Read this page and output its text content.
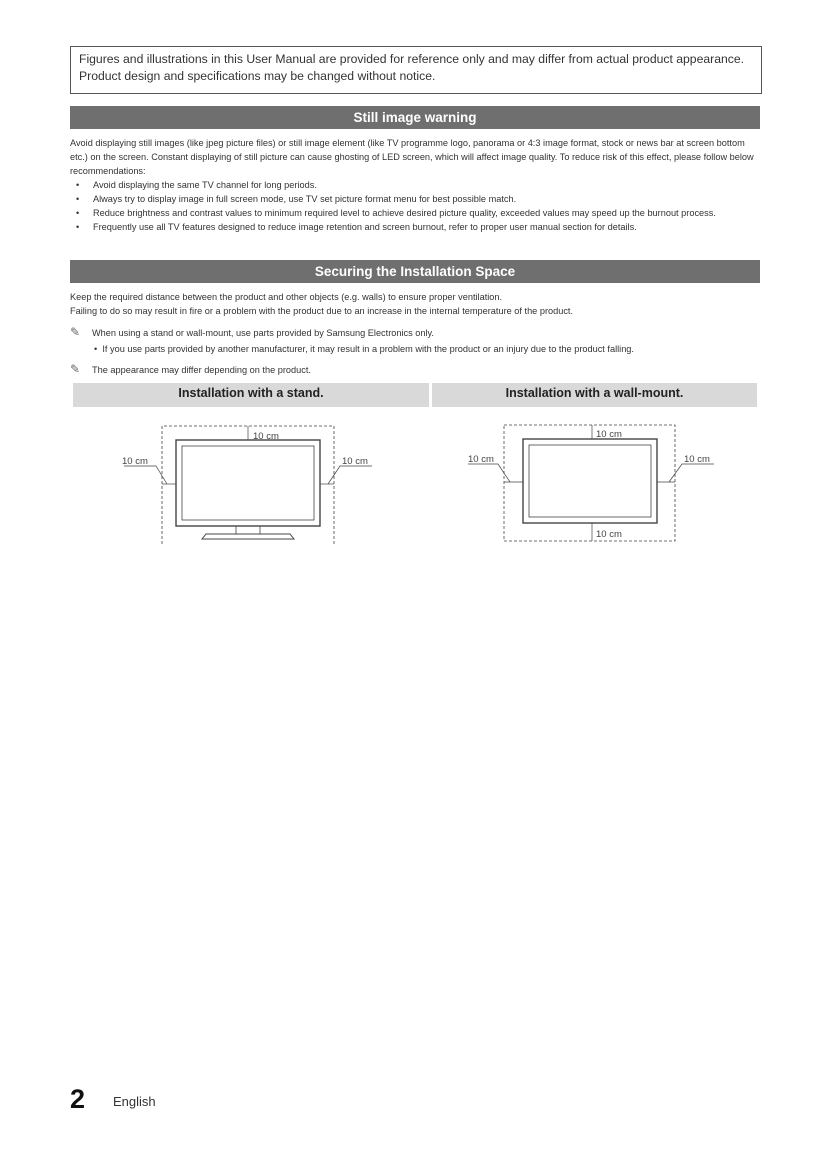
Figures and illustrations in this User Manual are provided for reference only and may differ from actual product appearance.
Product design and specifications may be changed without notice.
Still image warning

Avoid displaying still images (like jpeg picture files) or still image element (like TV programme logo, panorama or 4:3 image format, stock or news bar at screen bottom etc.) on the screen. Constant displaying of still picture can cause ghosting of LED screen, which will affect image quality. To reduce risk of this effect, please follow below recommendations:

• Avoid displaying the same TV channel for long periods.
• Always try to display image in full screen mode, use TV set picture format menu for best possible match.
• Reduce brightness and contrast values to minimum required level to achieve desired picture quality, exceeded values may speed up the burnout process.
• Frequently use all TV features designed to reduce image retention and screen burnout, refer to proper user manual section for details.
Securing the Installation Space
Keep the required distance between the product and other objects (e.g. walls) to ensure proper ventilation.
Failing to do so may result in fire or a problem with the product due to an increase in the internal temperature of the product.
✎ When using a stand or wall-mount, use parts provided by Samsung Electronics only.
•  If you use parts provided by another manufacturer, it may result in a problem with the product or an injury due to the product falling.
✎ The appearance may differ depending on the product.
Installation with a stand.	Installation with a wall-mount.
10 cm
10 cm	10 cm
10 cm
10 cm
10 cm	10 cm
2 English
